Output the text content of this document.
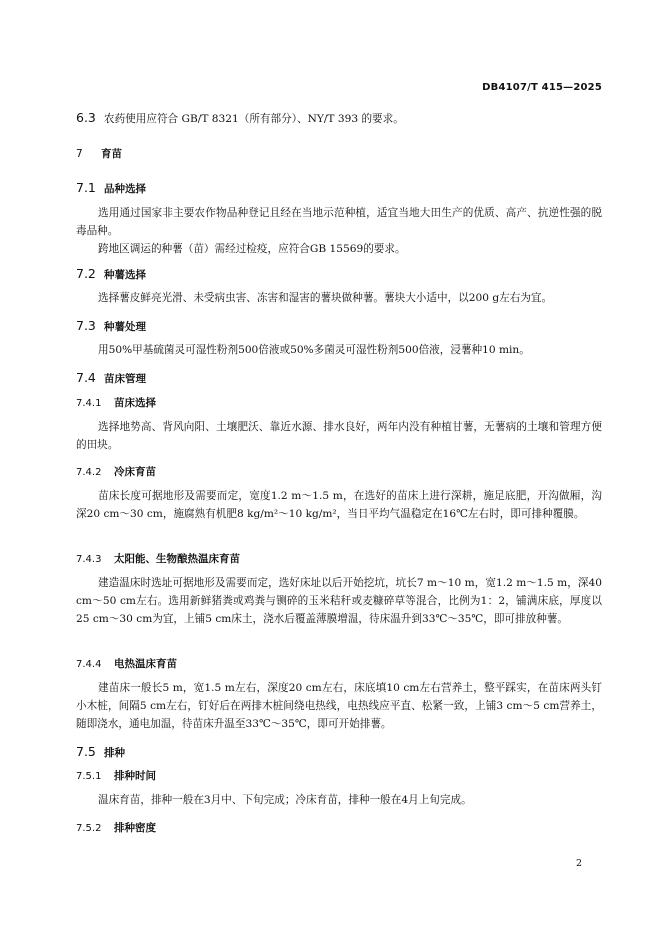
DB4107/T 415—2025
6.3 农药使用应符合 GB/T 8321（所有部分）、NY/T 393 的要求。
7 育苗
7.1 品种选择

选用通过国家非主要农作物品种登记且经在当地示范种植，适宜当地大田生产的优质、高产、抗逆性强的脱毒品种。

跨地区调运的种薯（苗）需经过检疫，应符合GB 15569的要求。

7.2 种薯选择

选择薯皮鲜亮光滑、未受病虫害、冻害和湿害的薯块做种薯。薯块大小适中，以200 g左右为宜。

7.3 种薯处理

用50%甲基硫菌灵可湿性粉剂500倍液或50%多菌灵可湿性粉剂500倍液，浸薯种10 min。

7.4 苗床管理
7.4.1 苗床选择

选择地势高、背风向阳、土壤肥沃、靠近水源、排水良好，两年内没有种植甘薯，无薯病的土壤和管理方便的田块。

7.4.2 冷床育苗

苗床长度可据地形及需要而定，宽度1.2 m～1.5 m，在选好的苗床上进行深耕，施足底肥，开沟做厢，沟深20 cm～30 cm，施腐熟有机肥8 kg/m²～10 kg/m²，当日平均气温稳定在16℃左右时，即可排种覆膜。

7.4.3 太阳能、生物酿热温床育苗

建造温床时选址可据地形及需要而定，选好床址以后开始挖坑，坑长7 m～10 m，宽1.2 m～1.5 m，深40 cm～50 cm左右。选用新鲜猪粪或鸡粪与铡碎的玉米秸秆或麦糠碎草等混合，比例为1：2，铺满床底，厚度以25 cm～30 cm为宜，上铺5 cm床土，浇水后覆盖薄膜增温，待床温升到33℃～35℃，即可排放种薯。

7.4.4 电热温床育苗

建苗床一般长5 m，宽1.5 m左右，深度20 cm左右，床底填10 cm左右营养土，整平踩实，在苗床两头钉小木桩，间隔5 cm左右，钉好后在两排木桩间绕电热线，电热线应平直、松紧一致，上铺3 cm～5 cm营养土，随即浇水，通电加温，待苗床升温至33℃～35℃，即可开始排薯。

7.5 排种
7.5.1 排种时间

温床育苗，排种一般在3月中、下旬完成；冷床育苗，排种一般在4月上旬完成。

7.5.2 排种密度
2
